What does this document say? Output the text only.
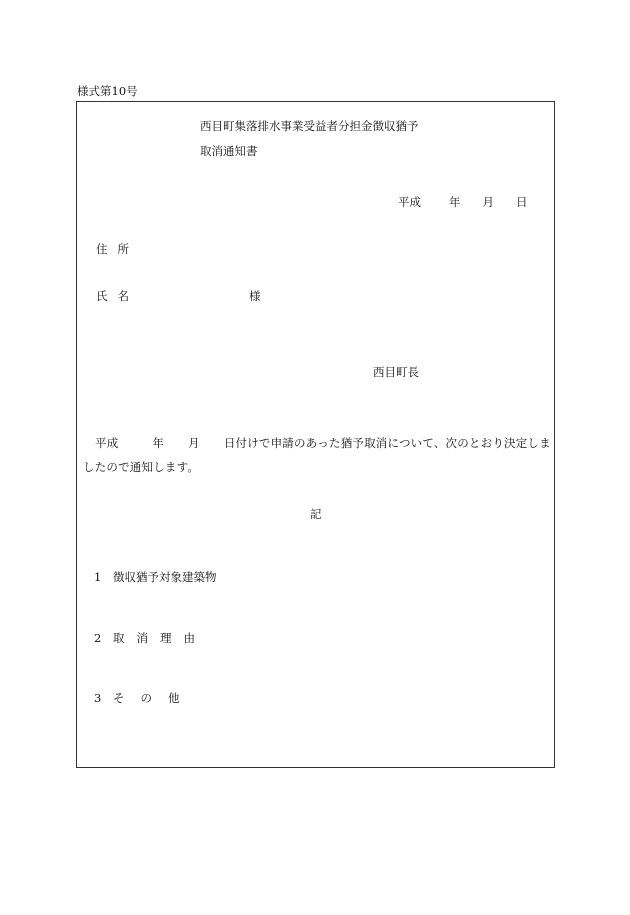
様式第10号
西目町集落排水事業受益者分担金徴収猶予
取消通知書
平成 年 月 日
住所
氏名	様
西目町長
平成	年 月 日付けで申請のあった猶予取消について、次のとおり決定しましたので通知します。
記
1 徴収猶予対象建築物
2 取消理由
3 その他
